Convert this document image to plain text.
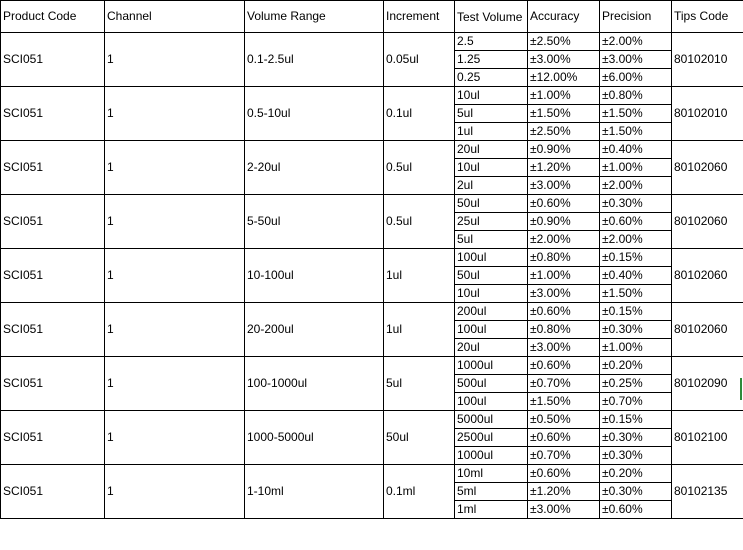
Product Code	Channel	Volume Range	Increment	Test Volume	Accuracy	Precision	Tips Code
SCI051	1	0.1-2.5ul	0.05ul	2.5	±2.50%	±2.00%	80102010
				1.25	±3.00%	±3.00%	
				0.25	±12.00%	±6.00%	
SCI051	1	0.5-10ul	0.1ul	10ul	±1.00%	±0.80%	80102010
				5ul	±1.50%	±1.50%	
				1ul	±2.50%	±1.50%	
SCI051	1	2-20ul	0.5ul	20ul	±0.90%	±0.40%	80102060
				10ul	±1.20%	±1.00%	
				2ul	±3.00%	±2.00%	
SCI051	1	5-50ul	0.5ul	50ul	±0.60%	±0.30%	80102060
				25ul	±0.90%	±0.60%	
				5ul	±2.00%	±2.00%	
SCI051	1	10-100ul	1ul	100ul	±0.80%	±0.15%	80102060
				50ul	±1.00%	±0.40%	
				10ul	±3.00%	±1.50%	
SCI051	1	20-200ul	1ul	200ul	±0.60%	±0.15%	80102060
				100ul	±0.80%	±0.30%	
				20ul	±3.00%	±1.00%	
SCI051	1	100-1000ul	5ul	1000ul	±0.60%	±0.20%	80102090
				500ul	±0.70%	±0.25%	
				100ul	±1.50%	±0.70%	
SCI051	1	1000-5000ul	50ul	5000ul	±0.50%	±0.15%	80102100
				2500ul	±0.60%	±0.30%	
				1000ul	±0.70%	±0.30%	
SCI051	1	1-10ml	0.1ml	10ml	±0.60%	±0.20%	80102135
				5ml	±1.20%	±0.30%	
				1ml	±3.00%	±0.60%	
